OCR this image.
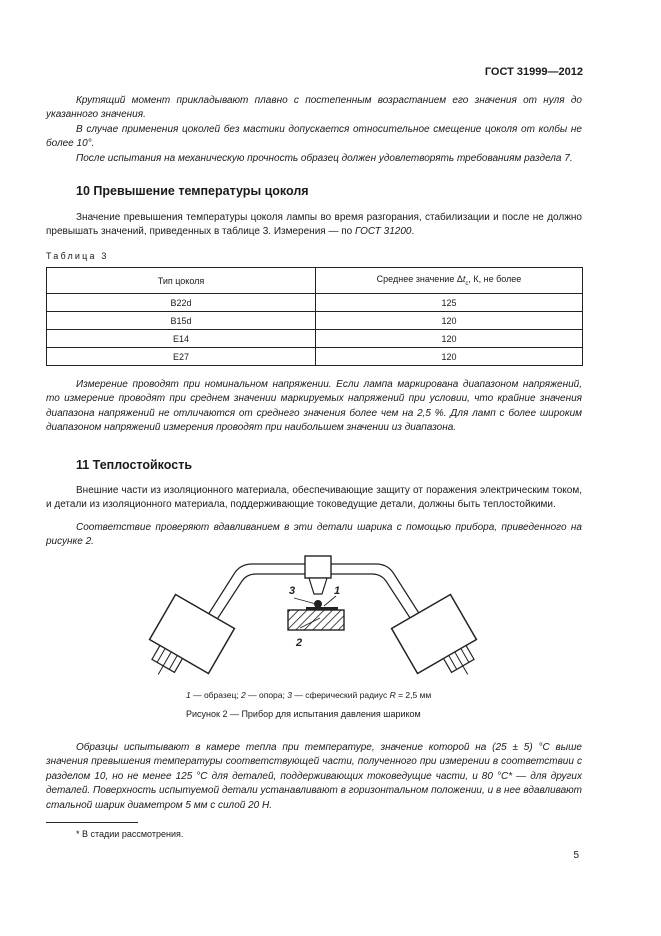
ГОСТ 31999—2012
Крутящий момент прикладывают плавно с постепенным возрастанием его значения от нуля до указанного значения.
В случае применения цоколей без мастики допускается относительное смещение цоколя от колбы не более 10°.
После испытания на механическую прочность образец должен удовлетворять требованиям раздела 7.
10 Превышение температуры цоколя
Значение превышения температуры цоколя лампы во время разгорания, стабилизации и после не должно превышать значений, приведенных в таблице 3. Измерения — по ГОСТ 31200.
Таблица 3
Тип цоколя	Среднее значение $\Delta t_c$, К, не более
B22d	125
B15d	120
E14	120
E27	120
Измерение проводят при номинальном напряжении. Если лампа маркирована диапазоном напряжений, то измерение проводят при среднем значении маркируемых напряжений при условии, что крайние значения диапазона напряжений не отличаются от среднего значения более чем на 2,5 %. Для ламп с более широким диапазоном напряжений измерения проводят при наибольшем значении из диапазона.
11 Теплостойкость
Внешние части из изоляционного материала, обеспечивающие защиту от поражения электрическим током, и детали из изоляционного материала, поддерживающие токоведущие детали, должны быть теплостойкими.
Соответствие проверяют вдавливанием в эти детали шарика с помощью прибора, приведенного на рисунке 2.
3	1
2
1 — образец; 2 — опора; 3 — сферический радиус R = 2,5 мм
Рисунок 2 — Прибор для испытания давления шариком
Образцы испытывают в камере тепла при температуре, значение которой на (25 ± 5) °С выше значения превышения температуры соответствующей части, полученного при измерении в соответствии с разделом 10, но не менее 125 °С для деталей, поддерживающих токоведущие части, и 80 °С* — для других деталей. Поверхность испытуемой детали устанавливают в горизонтальном положении, и в нее вдавливают стальной шарик диаметром 5 мм с силой 20 Н.
* В стадии рассмотрения.
5
